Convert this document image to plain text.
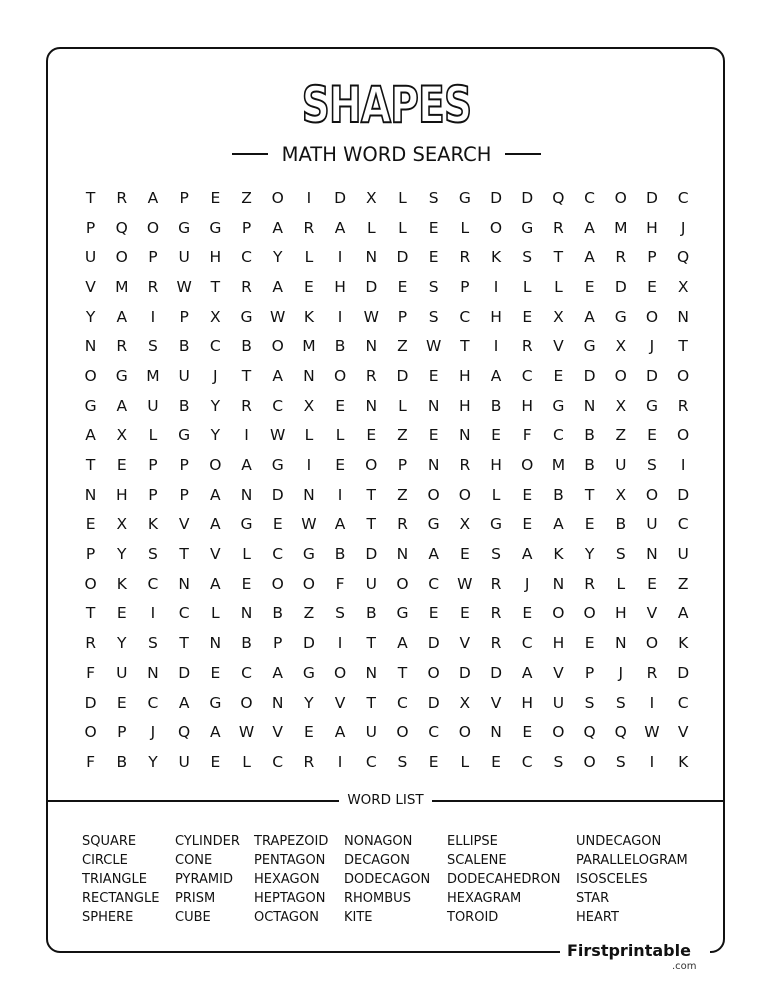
SHAPES
MATH WORD SEARCH
T	R	A	P	E	Z	O	I	D	X	L	S	G	D	D	Q	C	O	D	C
P	Q	O	G	G	P	A	R	A	L	L	E	L	O	G	R	A	M	H	J
U	O	P	U	H	C	Y	L	I	N	D	E	R	K	S	T	A	R	P	Q
V	M	R	W	T	R	A	E	H	D	E	S	P	I	L	L	E	D	E	X
Y	A	I	P	X	G	W	K	I	W	P	S	C	H	E	X	A	G	O	N
N	R	S	B	C	B	O	M	B	N	Z	W	T	I	R	V	G	X	J	T
O	G	M	U	J	T	A	N	O	R	D	E	H	A	C	E	D	O	D	O
G	A	U	B	Y	R	C	X	E	N	L	N	H	B	H	G	N	X	G	R
A	X	L	G	Y	I	W	L	L	E	Z	E	N	E	F	C	B	Z	E	O
T	E	P	P	O	A	G	I	E	O	P	N	R	H	O	M	B	U	S	I
N	H	P	P	A	N	D	N	I	T	Z	O	O	L	E	B	T	X	O	D
E	X	K	V	A	G	E	W	A	T	R	G	X	G	E	A	E	B	U	C
P	Y	S	T	V	L	C	G	B	D	N	A	E	S	A	K	Y	S	N	U
O	K	C	N	A	E	O	O	F	U	O	C	W	R	J	N	R	L	E	Z
T	E	I	C	L	N	B	Z	S	B	G	E	E	R	E	O	O	H	V	A
R	Y	S	T	N	B	P	D	I	T	A	D	V	R	C	H	E	N	O	K
F	U	N	D	E	C	A	G	O	N	T	O	D	D	A	V	P	J	R	D
D	E	C	A	G	O	N	Y	V	T	C	D	X	V	H	U	S	S	I	C
O	P	J	Q	A	W	V	E	A	U	O	C	O	N	E	O	Q	Q	W	V
F	B	Y	U	E	L	C	R	I	C	S	E	L	E	C	S	O	S	I	K
WORD LIST
SQUARE
CIRCLE
TRIANGLE
RECTANGLE
SPHERE
CYLINDER
CONE
PYRAMID
PRISM
CUBE
TRAPEZOID
PENTAGON
HEXAGON
HEPTAGON
OCTAGON
NONAGON
DECAGON
DODECAGON
RHOMBUS
KITE
ELLIPSE
SCALENE
DODECAHEDRON
HEXAGRAM
TOROID
UNDECAGON
PARALLELOGRAM
ISOSCELES
STAR
HEART
Firstprintable
.com
